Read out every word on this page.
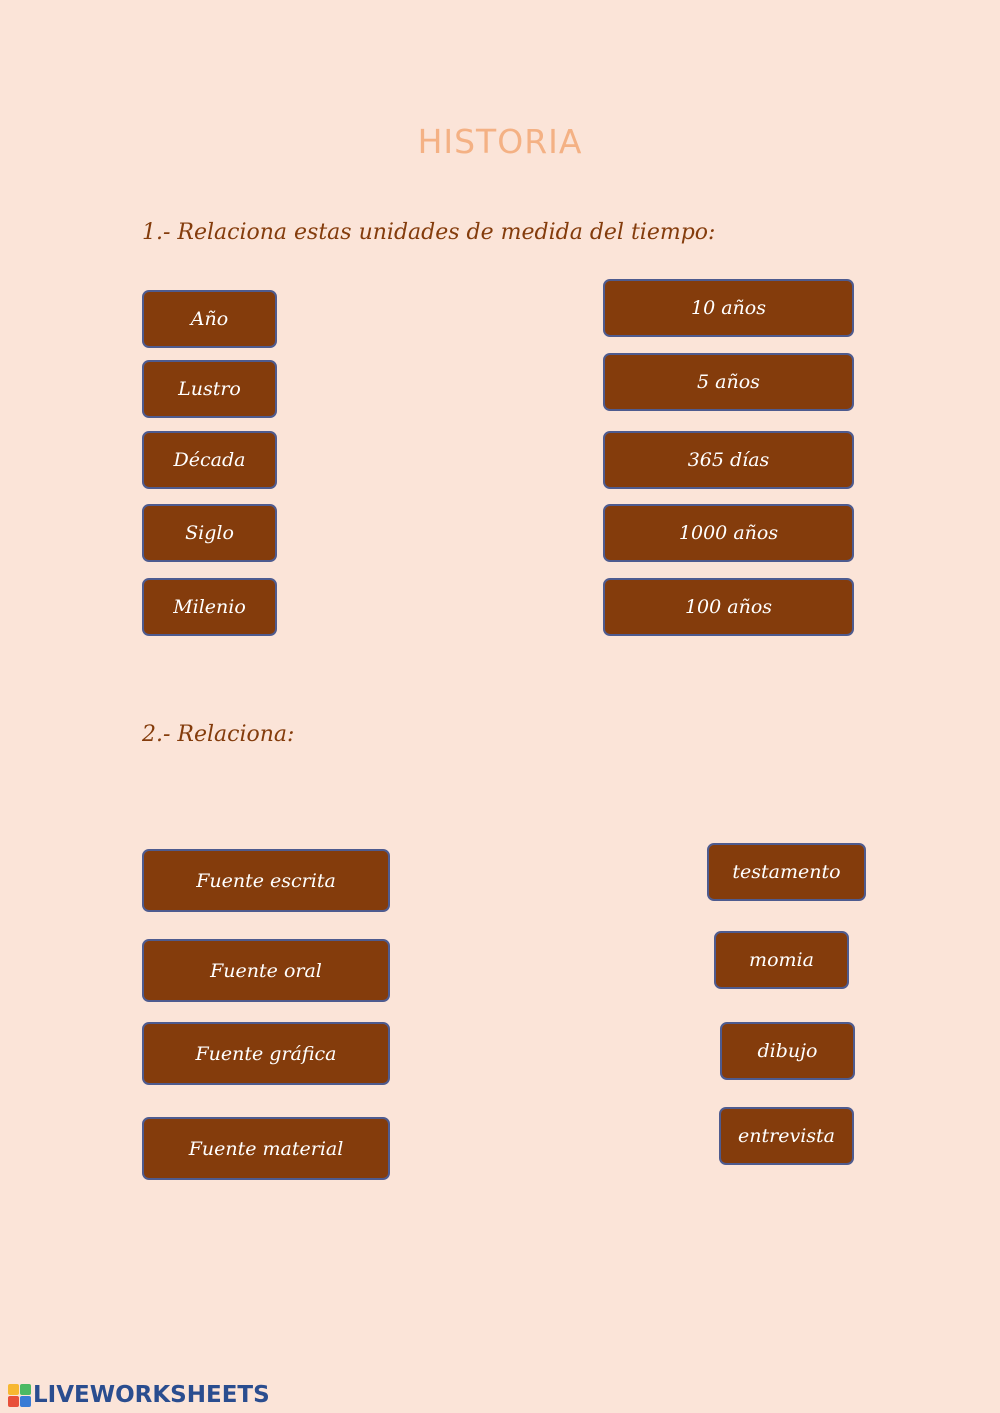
HISTORIA
1.- Relaciona estas unidades de medida del tiempo:
Año
Lustro
Década
Siglo
Milenio
10 años
5 años
365 días
1000 años
100 años
2.- Relaciona:
Fuente escrita
Fuente oral
Fuente gráfica
Fuente material
testamento
momia
dibujo
entrevista
LIVEWORKSHEETS
